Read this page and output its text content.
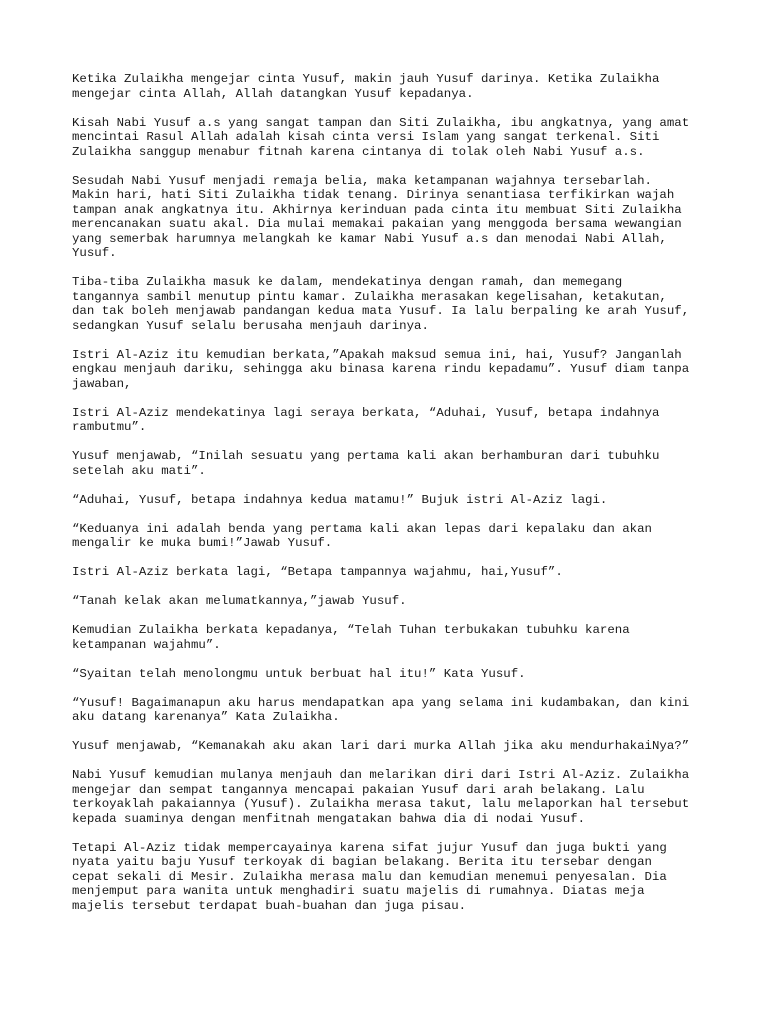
Ketika Zulaikha mengejar cinta Yusuf, makin jauh Yusuf darinya. Ketika Zulaikha
mengejar cinta Allah, Allah datangkan Yusuf kepadanya.
Kisah Nabi Yusuf a.s yang sangat tampan dan Siti Zulaikha, ibu angkatnya, yang amat
mencintai Rasul Allah adalah kisah cinta versi Islam yang sangat terkenal. Siti
Zulaikha sanggup menabur fitnah karena cintanya di tolak oleh Nabi Yusuf a.s.
Sesudah Nabi Yusuf menjadi remaja belia, maka ketampanan wajahnya tersebarlah.
Makin hari, hati Siti Zulaikha tidak tenang. Dirinya senantiasa terfikirkan wajah
tampan anak angkatnya itu. Akhirnya kerinduan pada cinta itu membuat Siti Zulaikha
merencanakan suatu akal. Dia mulai memakai pakaian yang menggoda bersama wewangian
yang semerbak harumnya melangkah ke kamar Nabi Yusuf a.s dan menodai Nabi Allah,
Yusuf.
Tiba-tiba Zulaikha masuk ke dalam, mendekatinya dengan ramah, dan memegang
tangannya sambil menutup pintu kamar. Zulaikha merasakan kegelisahan, ketakutan,
dan tak boleh menjawab pandangan kedua mata Yusuf. Ia lalu berpaling ke arah Yusuf,
sedangkan Yusuf selalu berusaha menjauh darinya.
Istri Al-Aziz itu kemudian berkata,”Apakah maksud semua ini, hai, Yusuf? Janganlah
engkau menjauh dariku, sehingga aku binasa karena rindu kepadamu”. Yusuf diam tanpa
jawaban,
Istri Al-Aziz mendekatinya lagi seraya berkata, “Aduhai, Yusuf, betapa indahnya
rambutmu”.
Yusuf menjawab, “Inilah sesuatu yang pertama kali akan berhamburan dari tubuhku
setelah aku mati”.
“Aduhai, Yusuf, betapa indahnya kedua matamu!” Bujuk istri Al-Aziz lagi.
“Keduanya ini adalah benda yang pertama kali akan lepas dari kepalaku dan akan
mengalir ke muka bumi!”Jawab Yusuf.
Istri Al-Aziz berkata lagi, “Betapa tampannya wajahmu, hai,Yusuf”.
“Tanah kelak akan melumatkannya,”jawab Yusuf.
Kemudian Zulaikha berkata kepadanya, “Telah Tuhan terbukakan tubuhku karena
ketampanan wajahmu”.
“Syaitan telah menolongmu untuk berbuat hal itu!” Kata Yusuf.
“Yusuf! Bagaimanapun aku harus mendapatkan apa yang selama ini kudambakan, dan kini
aku datang karenanya” Kata Zulaikha.
Yusuf menjawab, “Kemanakah aku akan lari dari murka Allah jika aku mendurhakaiNya?”
Nabi Yusuf kemudian mulanya menjauh dan melarikan diri dari Istri Al-Aziz. Zulaikha
mengejar dan sempat tangannya mencapai pakaian Yusuf dari arah belakang. Lalu
terkoyaklah pakaiannya (Yusuf). Zulaikha merasa takut, lalu melaporkan hal tersebut
kepada suaminya dengan menfitnah mengatakan bahwa dia di nodai Yusuf.
Tetapi Al-Aziz tidak mempercayainya karena sifat jujur Yusuf dan juga bukti yang
nyata yaitu baju Yusuf terkoyak di bagian belakang. Berita itu tersebar dengan
cepat sekali di Mesir. Zulaikha merasa malu dan kemudian menemui penyesalan. Dia
menjemput para wanita untuk menghadiri suatu majelis di rumahnya. Diatas meja
majelis tersebut terdapat buah-buahan dan juga pisau.
